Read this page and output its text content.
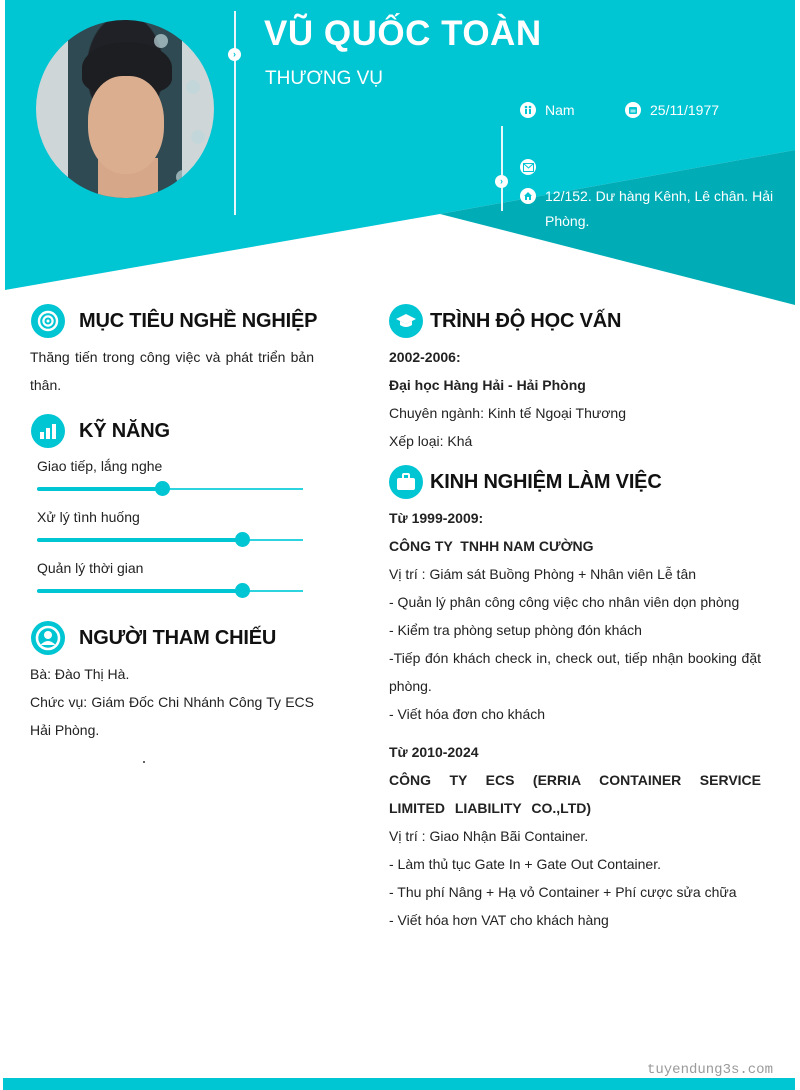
›
›
VŨ QUỐC TOÀN
THƯƠNG VỤ
Nam	25/11/1977
12/152. Dư hàng Kênh, Lê chân. Hải Phòng.
MỤC TIÊU NGHỀ NGHIỆP
Thăng tiến trong công việc và phát triển bản thân.
KỸ NĂNG
Giao tiếp, lắng nghe
Xử lý tình huống
Quản lý thời gian
NGƯỜI THAM CHIẾU
Bà: Đào Thị Hà.
Chức vụ: Giám Đốc Chi Nhánh Công Ty ECS Hải Phòng.
TRÌNH ĐỘ HỌC VẤN
2002-2006:
Đại học Hàng Hải - Hải Phòng
Chuyên ngành: Kinh tế Ngoại Thương
Xếp loại: Khá
KINH NGHIỆM LÀM VIỆC
Từ 1999-2009:
CÔNG TY  TNHH NAM CƯỜNG
Vị trí : Giám sát Buồng Phòng + Nhân viên Lễ tân
- Quản lý phân công công việc cho nhân viên dọn phòng
- Kiểm tra phòng setup phòng đón khách
-Tiếp đón khách check in, check out, tiếp nhận booking đặt phòng.
- Viết hóa đơn cho khách
Từ 2010-2024
CÔNG TY ECS (ERRIA CONTAINER SERVICE LIMITED LIABILITY CO.,LTD)
Vị trí : Giao Nhận Bãi Container.
- Làm thủ tục Gate In + Gate Out Container.
- Thu phí Nâng + Hạ vỏ Container + Phí cược sửa chữa
- Viết hóa hơn VAT cho khách hàng
tuyendung3s.com
